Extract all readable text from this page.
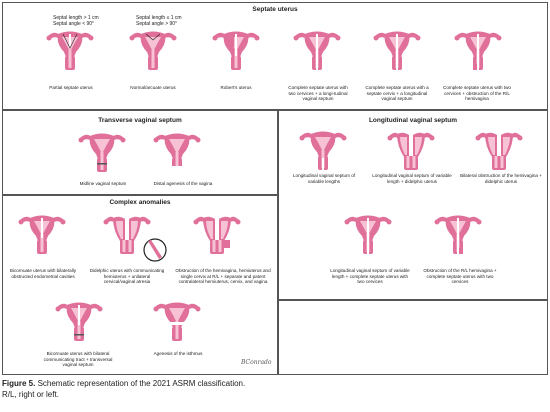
Septate uterus
Septal length > 1 cm
Septal angle < 90°
Septal length ≤ 1 cm
Septal angle > 90°
Partial septate uterus	Normal/arcuate uterus	Robert's uterus	Complete septate uterus with two cervices + a longi-tudinal vaginal septum
Complete septate uterus with a septate cervix + a longitudinal vaginal septum
Complete septate uterus with two cervices + obstruction of the R/L hemivagina
Transverse vaginal septum
Midline vaginal septum	Distal agenesis of the vagina
Longitudinal vaginal septum
Longitudinal vaginal septum of variable lengths
Longitudinal vaginal septum of variable length + didelphic uterus
Bilateral obstruction of the hemivagina + didelphic uterus
Longitudinal vaginal septum of variable length + complete septate uterus with two cervices
Obstruction of the R/L hemivagina + complete septate uterus with two cervices
Complex anomalies
Bicornuate uterus with bilaterally obstructed endometrial cavities
Didelphic uterus with communicating hemiuterus + unilateral cervical/vaginal atresia
Obstruction of the hemivagina, hemiuterus and single cervix at R/L + separate and patent contralateral hemiuterus, cervix, and vagina
Bicornuate uterus with bilateral communicating tract + transversal vaginal septum
Agenesis of the isthmus
BConrado
Figure 5. Schematic representation of the 2021 ASRM classification.
R/L, right or left.
